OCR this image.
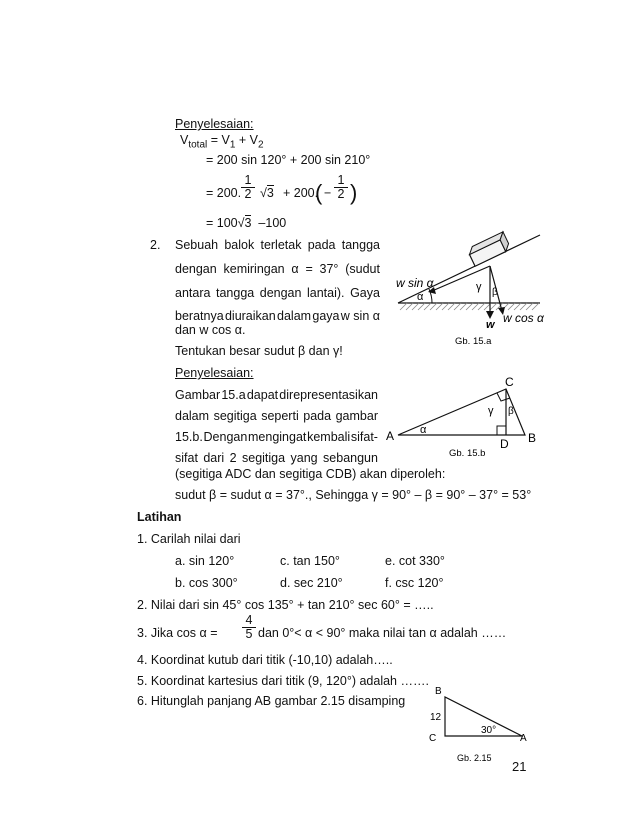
Penyelesaian:
$V_{total} = V_1 + V_2$
= 200 sin 120° + 200 sin 210°
= 200. $\frac{1}{2} √3 + 200$.
( − $\frac{1}{2}$ )
= 100√3 –100
2. Sebuah balok terletak pada tangga
dengan kemiringan α = 37° (sudut
antara tangga dengan lantai). Gaya
beratnya diuraikan dalam gaya w sin α
dan w cos α.
Tentukan besar sudut β dan γ!
Penyelesaian:
Gambar 15.a dapat direpresentasikan
dalam segitiga seperti pada gambar
15.b. Dengan mengingat kembali sifat-
sifat dari 2 segitiga yang sebangun
(segitiga ADC dan segitiga CDB) akan diperoleh:
sudut β = sudut α = 37°., Sehingga γ = 90° – β = 90° – 37° = 53°
w sin α
α
γ β
w w cos α
Gb. 15.a
A	B
C
D
α
γ β
Gb. 15.b
B
12
C
30°
A
Gb. 2.15
Latihan
1. Carilah nilai dari
a. sin 120°	c. tan 150°	e. cot 330°
b. cos 300°	d. sec 210°	f. csc 120°
2. Nilai dari sin 45° cos 135° + tan 210° sec 60° = …..
3. Jika $\cos \alpha = \frac{4}{5}$ dan 0°< α < 90° maka nilai tan α adalah ……
4. Koordinat kutub dari titik (-10,10) adalah…..
5. Koordinat kartesius dari titik (9, 120°) adalah …….
6. Hitunglah panjang AB gambar 2.15 disamping
21
